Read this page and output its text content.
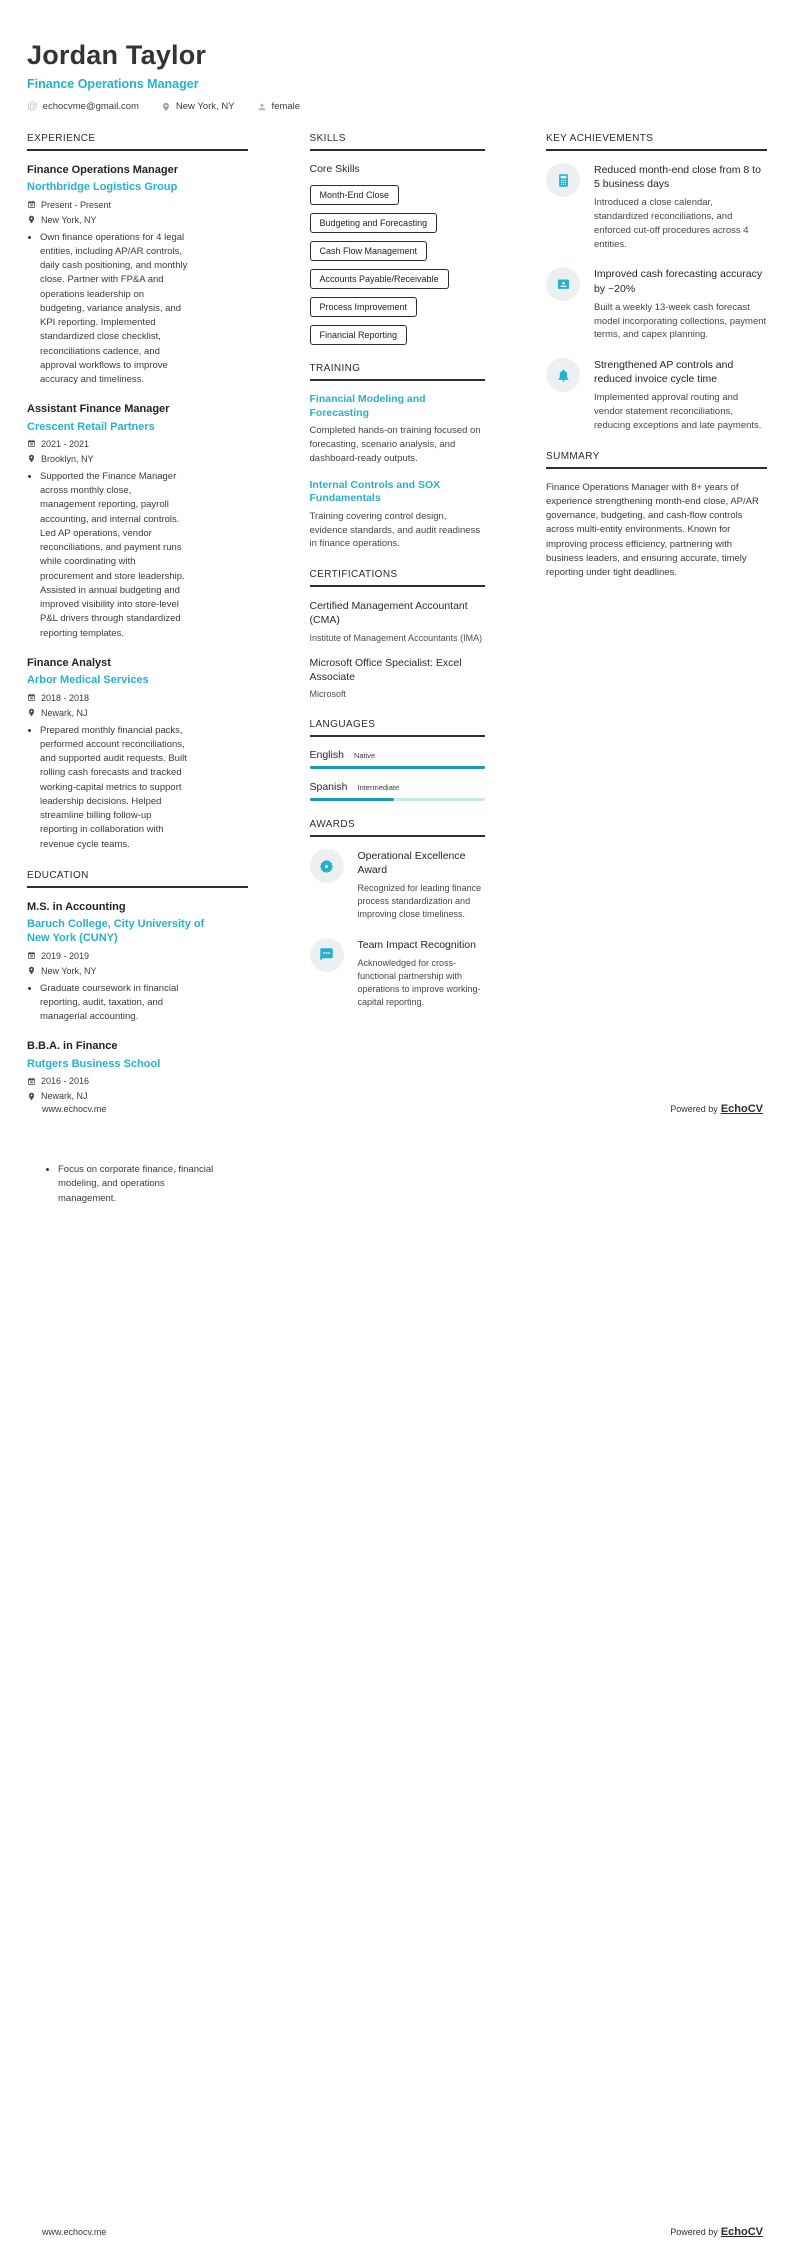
Jordan Taylor
Finance Operations Manager
@ echocvme@gmail.com	New York, NY	female
EXPERIENCE
Finance Operations Manager
Northbridge Logistics Group
Present - Present
New York, NY
• Own finance operations for 4 legal entities, including AP/AR controls, daily cash positioning, and monthly close. Partner with FP&A and operations leadership on budgeting, variance analysis, and KPI reporting. Implemented standardized close checklist, reconciliations cadence, and approval workflows to improve accuracy and timeliness.
Assistant Finance Manager
Crescent Retail Partners
2021 - 2021
Brooklyn, NY
• Supported the Finance Manager across monthly close, management reporting, payroll accounting, and internal controls. Led AP operations, vendor reconciliations, and payment runs while coordinating with procurement and store leadership. Assisted in annual budgeting and improved visibility into store-level P&L drivers through standardized reporting templates.
Finance Analyst
Arbor Medical Services
2018 - 2018
Newark, NJ
• Prepared monthly financial packs, performed account reconciliations, and supported audit requests. Built rolling cash forecasts and tracked working-capital metrics to support leadership decisions. Helped streamline billing follow-up reporting in collaboration with revenue cycle teams.
EDUCATION
M.S. in Accounting
Baruch College, City University of New York (CUNY)
2019 - 2019
New York, NY
• Graduate coursework in financial reporting, audit, taxation, and managerial accounting.
B.B.A. in Finance
Rutgers Business School
2016 - 2016
Newark, NJ
SKILLS
Core Skills
Month-End Close
Budgeting and Forecasting
Cash Flow Management
Accounts Payable/Receivable
Process Improvement
Financial Reporting
TRAINING
Financial Modeling and Forecasting
Completed hands-on training focused on forecasting, scenario analysis, and dashboard-ready outputs.
Internal Controls and SOX Fundamentals
Training covering control design, evidence standards, and audit readiness in finance operations.
CERTIFICATIONS
Certified Management Accountant (CMA)
Institute of Management Accountants (IMA)
Microsoft Office Specialist: Excel Associate
Microsoft
LANGUAGES
English Native
Spanish Intermediate
AWARDS
Operational Excellence Award
Recognized for leading finance process standardization and improving close timeliness.
Team Impact Recognition
Acknowledged for cross-functional partnership with operations to improve working-capital reporting.
KEY ACHIEVEMENTS
Reduced month-end close from 8 to 5 business days
Introduced a close calendar, standardized reconciliations, and enforced cut-off procedures across 4 entities.
Improved cash forecasting accuracy by ~20%
Built a weekly 13-week cash forecast model incorporating collections, payment terms, and capex planning.
Strengthened AP controls and reduced invoice cycle time
Implemented approval routing and vendor statement reconciliations, reducing exceptions and late payments.
SUMMARY

Finance Operations Manager with 8+ years of experience strengthening month-end close, AP/AR governance, budgeting, and cash-flow controls across multi-entity environments. Known for improving process efficiency, partnering with business leaders, and ensuring accurate, timely reporting under tight deadlines.

www.echocv.me	Powered by EchoCV
• Focus on corporate finance, financial modeling, and operations management.
www.echocv.me	Powered by EchoCV
